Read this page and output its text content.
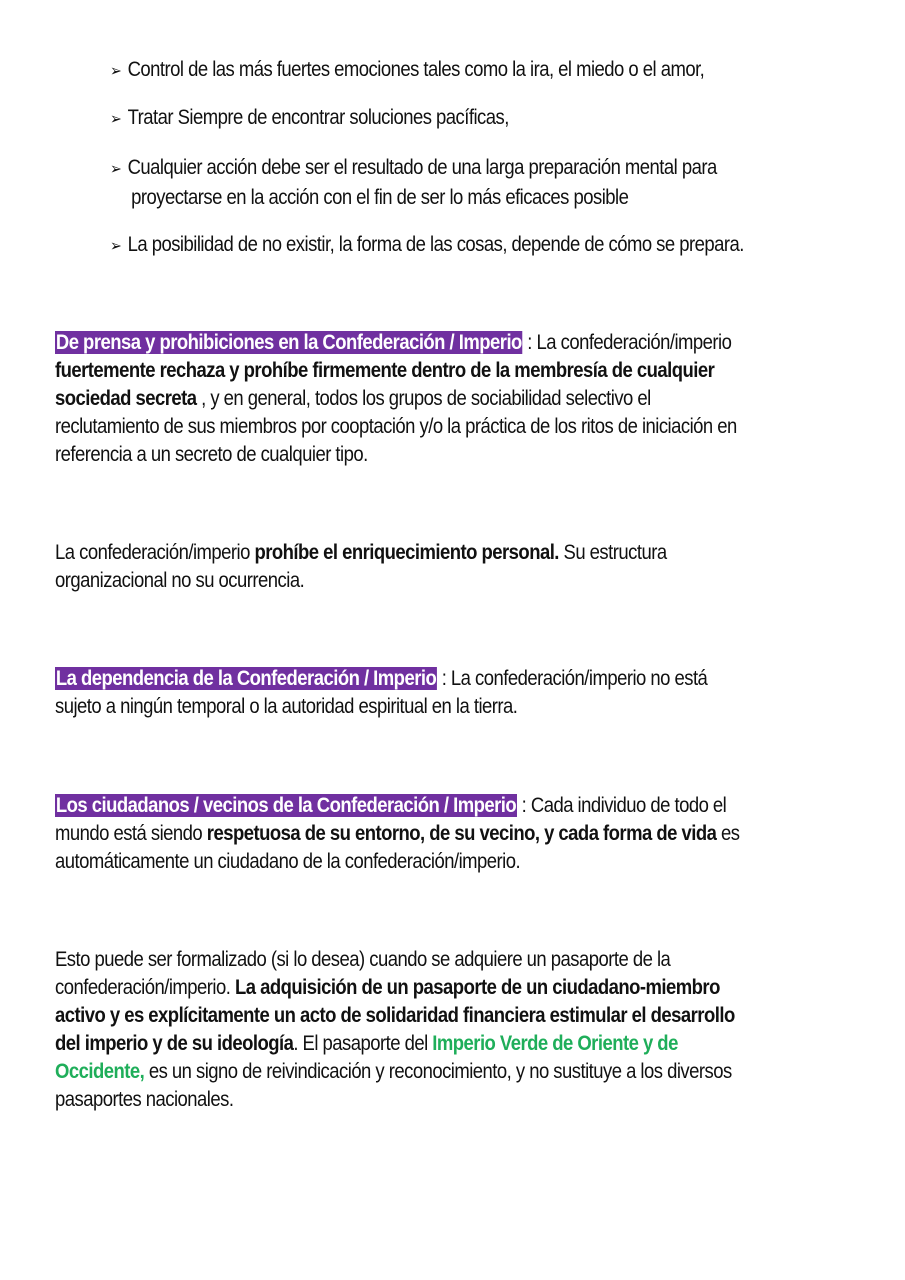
➢ Control de las más fuertes emociones tales como la ira, el miedo o el amor,
➢ Tratar Siempre de encontrar soluciones pacíficas,
➢ Cualquier acción debe ser el resultado de una larga preparación mental para
proyectarse en la acción con el fin de ser lo más eficaces posible
➢ La posibilidad de no existir, la forma de las cosas, depende de cómo se prepara.
De prensa y prohibiciones en la Confederación / Imperio : La confederación/imperio
fuertemente rechaza y prohíbe firmemente dentro de la membresía de cualquier
sociedad secreta , y en general, todos los grupos de sociabilidad selectivo el
reclutamiento de sus miembros por cooptación y/o la práctica de los ritos de iniciación en
referencia a un secreto de cualquier tipo.
La confederación/imperio prohíbe el enriquecimiento personal. Su estructura
organizacional no su ocurrencia.
La dependencia de la Confederación / Imperio : La confederación/imperio no está
sujeto a ningún temporal o la autoridad espiritual en la tierra.
Los ciudadanos / vecinos de la Confederación / Imperio : Cada individuo de todo el
mundo está siendo respetuosa de su entorno, de su vecino, y cada forma de vida es
automáticamente un ciudadano de la confederación/imperio.
Esto puede ser formalizado (si lo desea) cuando se adquiere un pasaporte de la
confederación/imperio. La adquisición de un pasaporte de un ciudadano-miembro
activo y es explícitamente un acto de solidaridad financiera estimular el desarrollo
del imperio y de su ideología. El pasaporte del Imperio Verde de Oriente y de
Occidente, es un signo de reivindicación y reconocimiento, y no sustituye a los diversos
pasaportes nacionales.
